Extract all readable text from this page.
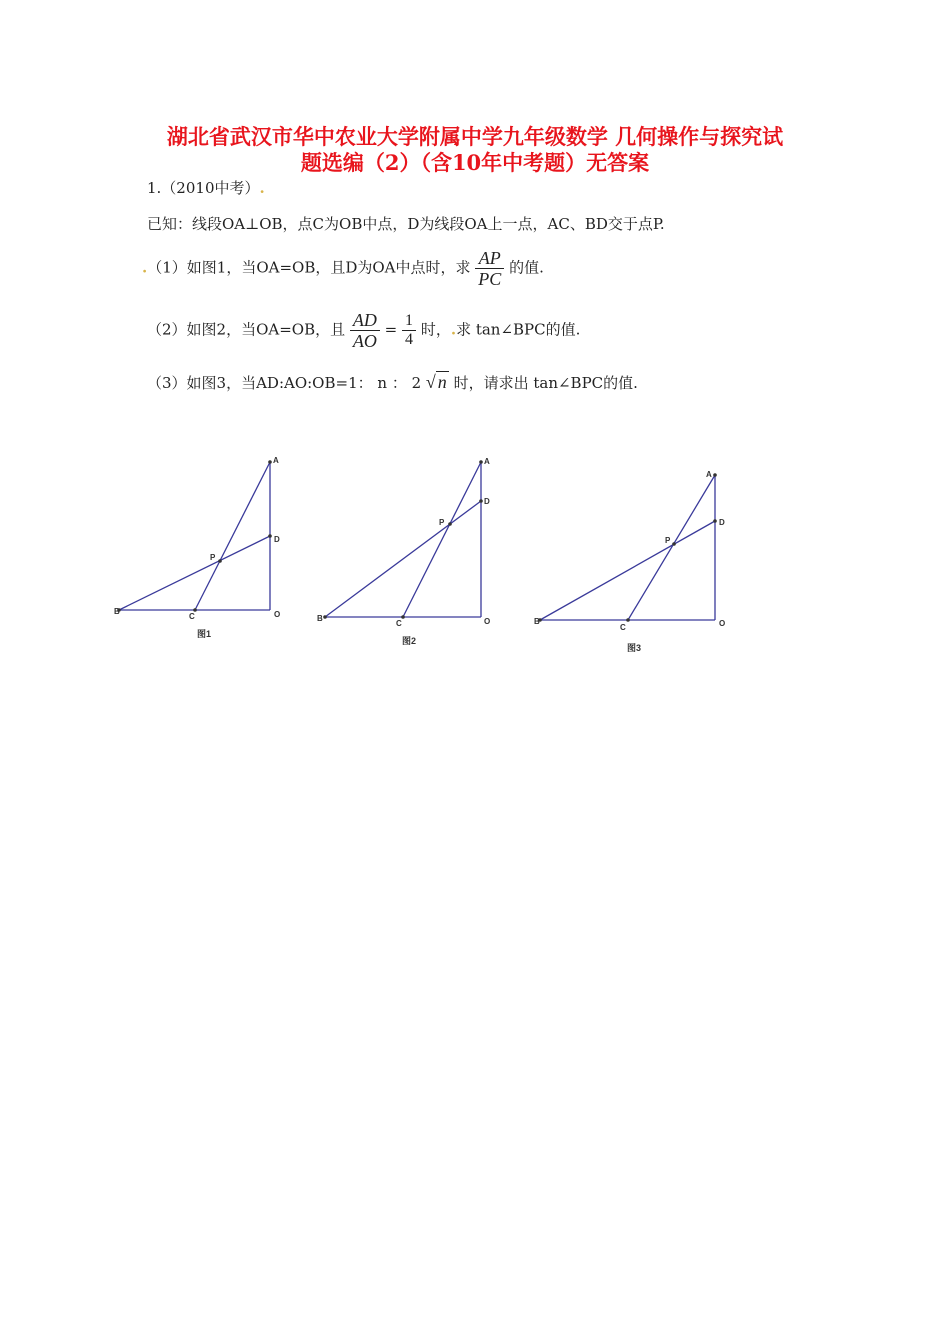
湖北省武汉市华中农业大学附属中学九年级数学 几何操作与探究试
题选编（2）（含10年中考题）无答案
1.（2010中考）.
已知：线段OA⊥OB，点C为OB中点，D为线段OA上一点，AC、BD交于点P.
.（1）如图1，当OA=OB，且D为OA中点时，求 $\frac{AP}{PC}$ 的值.
（2）如图2，当OA=OB，且 $\frac{AD}{AO} = \frac{1}{4}$ 时，.求 tan∠BPC的值.
（3）如图3，当AD:AO:OB=1： n ： 2 √ n 时，请求出 tan∠BPC的值.
A
D
P
C
B	O
图1
A
D
P
C
B	O
图2
A
D
P
C
B	O
图3
